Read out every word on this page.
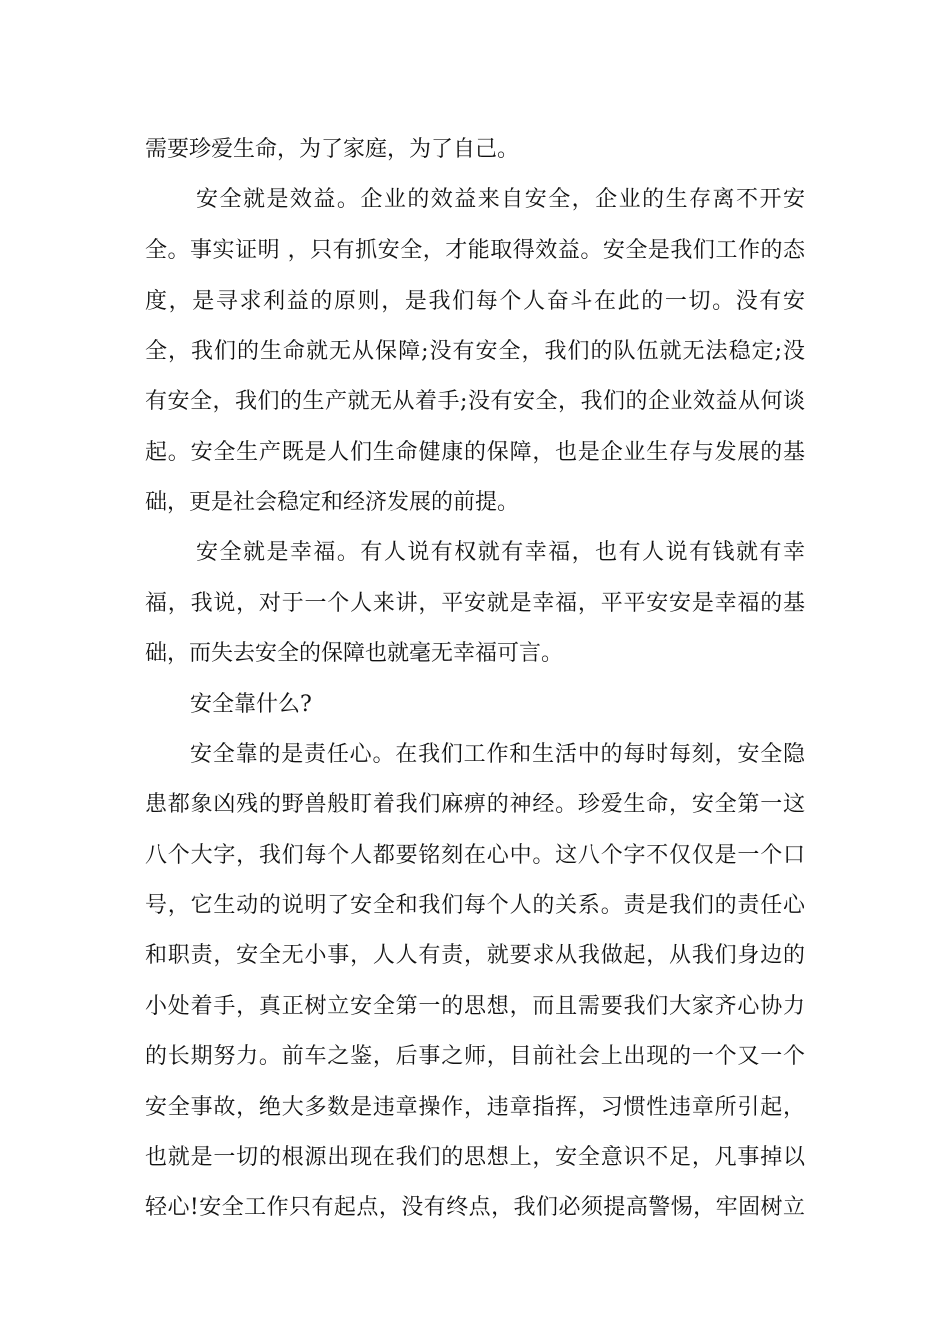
需要珍爱生命，为了家庭，为了自己。
安全就是效益。企业的效益来自安全，企业的生存离不开安
全。事实证明 ，只有抓安全，才能取得效益。安全是我们工作的态
度，是寻求利益的原则，是我们每个人奋斗在此的一切。没有安
全，我们的生命就无从保障;没有安全，我们的队伍就无法稳定;没
有安全，我们的生产就无从着手;没有安全，我们的企业效益从何谈
起。安全生产既是人们生命健康的保障，也是企业生存与发展的基
础，更是社会稳定和经济发展的前提。
安全就是幸福。有人说有权就有幸福，也有人说有钱就有幸
福，我说，对于一个人来讲，平安就是幸福，平平安安是幸福的基
础，而失去安全的保障也就毫无幸福可言。
安全靠什么?
安全靠的是责任心。在我们工作和生活中的每时每刻，安全隐
患都象凶残的野兽般盯着我们麻痹的神经。珍爱生命，安全第一这
八个大字，我们每个人都要铭刻在心中。这八个字不仅仅是一个口
号，它生动的说明了安全和我们每个人的关系。责是我们的责任心
和职责，安全无小事，人人有责，就要求从我做起，从我们身边的
小处着手，真正树立安全第一的思想，而且需要我们大家齐心协力
的长期努力。前车之鉴，后事之师，目前社会上出现的一个又一个
安全事故，绝大多数是违章操作，违章指挥，习惯性违章所引起，
也就是一切的根源出现在我们的思想上，安全意识不足，凡事掉以
轻心!安全工作只有起点，没有终点，我们必须提高警惕，牢固树立
